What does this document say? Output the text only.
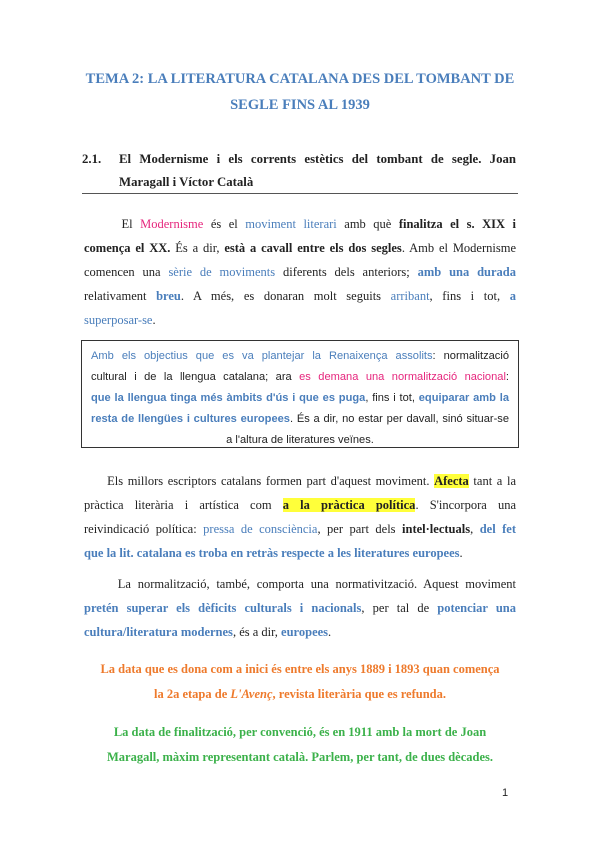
TEMA 2: LA LITERATURA CATALANA DES DEL TOMBANT DE
SEGLE FINS AL 1939
2.1.	El Modernisme i els corrents estètics del tombant de segle. Joan
Maragall i Víctor Català
El Modernisme és el moviment literari amb què finalitza el s. XIX i
comença el XX. És a dir, està a cavall entre els dos segles. Amb el Modernisme
comencen una sèrie de moviments diferents dels anteriors; amb una durada
relativament breu. A més, es donaran molt seguits arribant, fins i tot, a
superposar-se.
Amb els objectius que es va plantejar la Renaixença assolits: normalització
cultural i de la llengua catalana; ara es demana una normalització nacional:
que la llengua tinga més àmbits d'ús i que es puga, fins i tot, equiparar amb la
resta de llengües i cultures europees. És a dir, no estar per davall, sinó situar-se
a l'altura de literatures veïnes.
Els millors escriptors catalans formen part d'aquest moviment. Afecta tant a la
pràctica literària i artística com a la pràctica política. S'incorpora una
reivindicació política: pressa de consciència, per part dels intel·lectuals, del fet
que la lit. catalana es troba en retràs respecte a les literatures europees.
La normalització, també, comporta una normativització. Aquest moviment
pretén superar els dèficits culturals i nacionals, per tal de potenciar una
cultura/literatura modernes, és a dir, europees.
La data que es dona com a inici és entre els anys 1889 i 1893 quan comença
la 2a etapa de L'Avenç, revista literària que es refunda.
La data de finalització, per convenció, és en 1911 amb la mort de Joan
Maragall, màxim representant català. Parlem, per tant, de dues dècades.
1
